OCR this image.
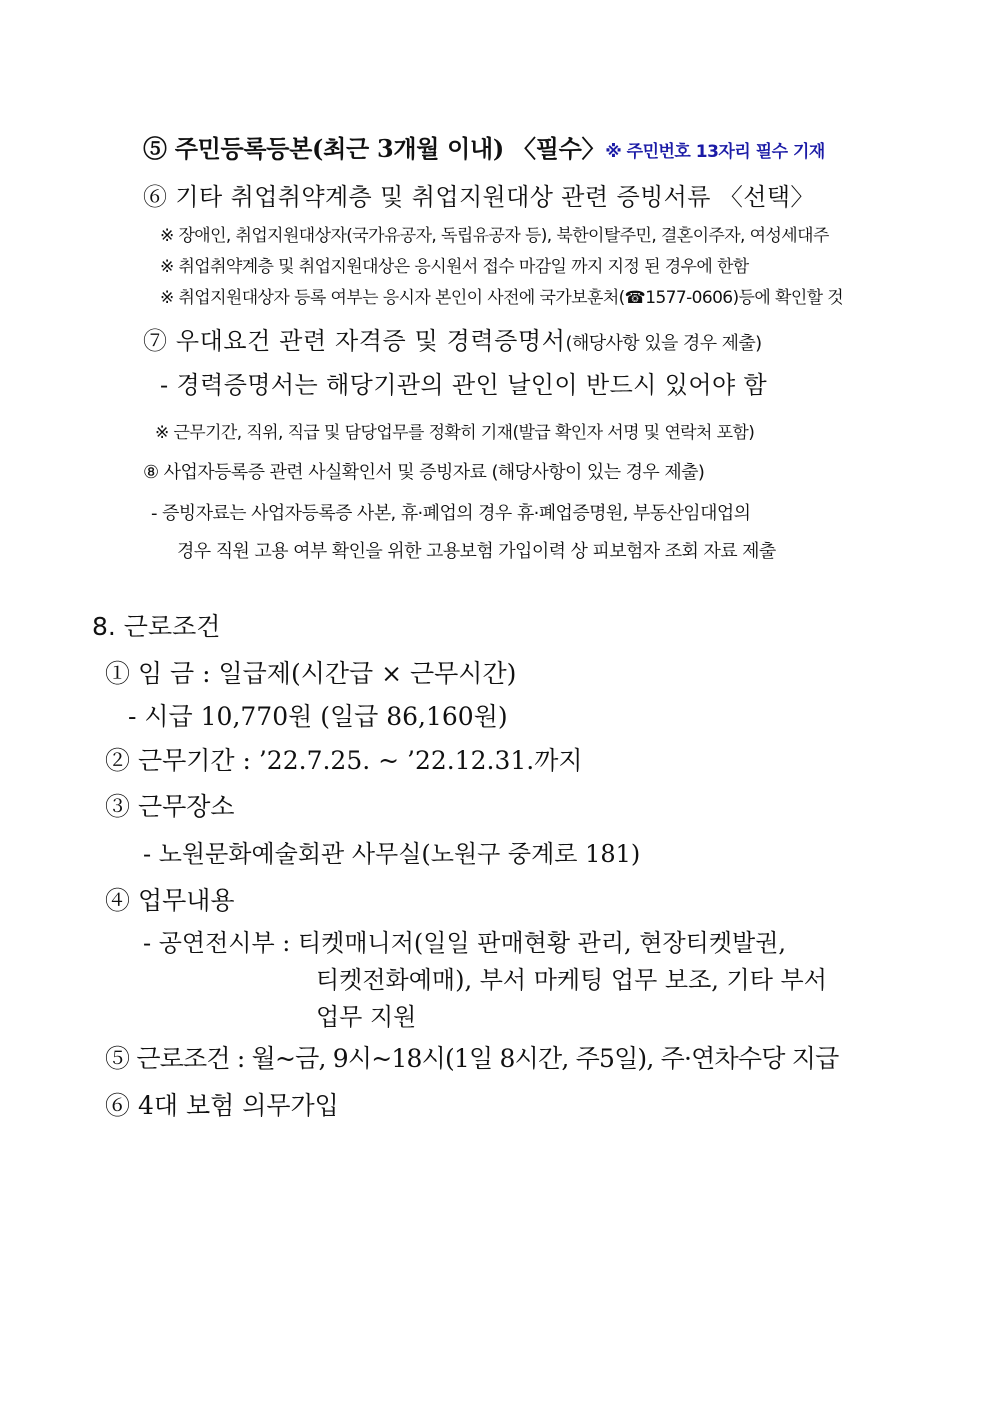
⑤ 주민등록등본(최근 3개월 이내) 〈필수〉※ 주민번호 13자리 필수 기재
⑥ 기타 취업취약계층 및 취업지원대상 관련 증빙서류 〈선택〉
※ 장애인, 취업지원대상자(국가유공자, 독립유공자 등), 북한이탈주민, 결혼이주자, 여성세대주
※ 취업취약계층 및 취업지원대상은 응시원서 접수 마감일 까지 지정 된 경우에 한함
※ 취업지원대상자 등록 여부는 응시자 본인이 사전에 국가보훈처(☎1577-0606)등에 확인할 것
⑦ 우대요건 관련 자격증 및 경력증명서(해당사항 있을 경우 제출)
- 경력증명서는 해당기관의 관인 날인이 반드시 있어야 함
※ 근무기간, 직위, 직급 및 담당업무를 정확히 기재(발급 확인자 서명 및 연락처 포함)
⑧ 사업자등록증 관련 사실확인서 및 증빙자료 (해당사항이 있는 경우 제출)
- 증빙자료는 사업자등록증 사본, 휴·폐업의 경우 휴·폐업증명원, 부동산임대업의
경우 직원 고용 여부 확인을 위한 고용보험 가입이력 상 피보험자 조회 자료 제출
8. 근로조건
① 임 금 : 일급제(시간급 × 근무시간)
- 시급 10,770원 (일급 86,160원)
② 근무기간 : ’22.7.25. ~ ’22.12.31.까지
③ 근무장소
- 노원문화예술회관 사무실(노원구 중계로 181)
④ 업무내용
- 공연전시부 : 티켓매니저(일일 판매현황 관리, 현장티켓발권,
티켓전화예매), 부서 마케팅 업무 보조, 기타 부서
업무 지원
⑤ 근로조건 : 월~금, 9시~18시(1일 8시간, 주5일), 주·연차수당 지급
⑥ 4대 보험 의무가입
